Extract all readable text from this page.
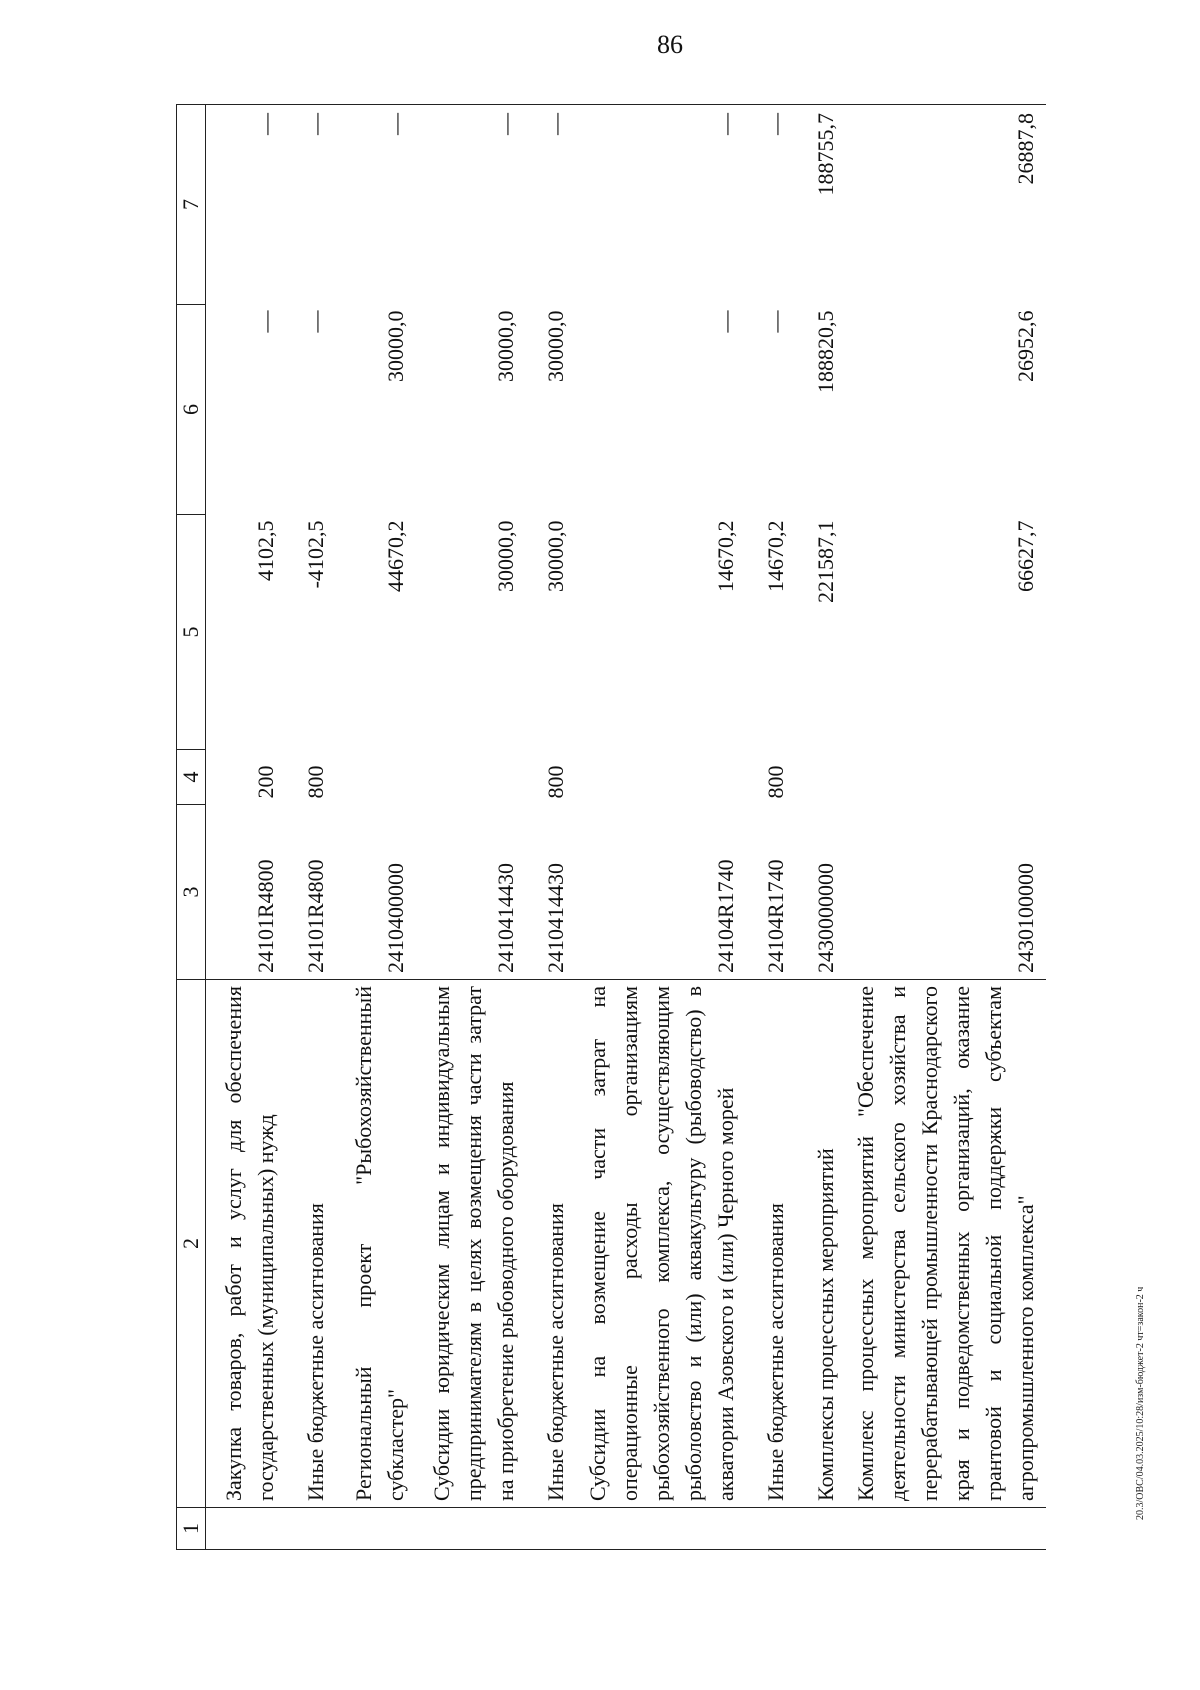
86
20.3/ОВС/04.03.2025/10:28/изм-бюджет-2 чт=закон-2 ч
1	2	3	4	5	6	7
	Закупка товаров, работ и услуг для обеспечения государственных (муниципальных) нужд	24101R4800	200	4102,5	—	—
	Иные бюджетные ассигнования	24101R4800	800	-4102,5	—	—
	Региональный проект "Рыбохозяйственный субкластер"	2410400000		44670,2	30000,0	—
	Субсидии юридическим лицам и индивидуальным предпринимателям в целях возмещения части затрат на приобретение рыбоводного оборудования	2410414430		30000,0	30000,0	—
	Иные бюджетные ассигнования	2410414430	800	30000,0	30000,0	—
	Субсидии на возмещение части затрат на операционные расходы организациям рыбохозяйственного комплекса, осуществляющим рыболовство и (или) аквакультуру (рыбоводство) в акватории Азовского и (или) Черного морей	24104R1740		14670,2	—	—
	Иные бюджетные ассигнования	24104R1740	800	14670,2	—	—
	Комплексы процессных мероприятий	2430000000		221587,1	188820,5	188755,7
	Комплекс процессных мероприятий "Обеспечение деятельности министерства сельского хозяйства и перерабатывающей промышленности Краснодарского края и подведомственных организаций, оказание грантовой и социальной поддержки субъектам агропромышленного комплекса"	2430100000		66627,7	26952,6	26887,8
